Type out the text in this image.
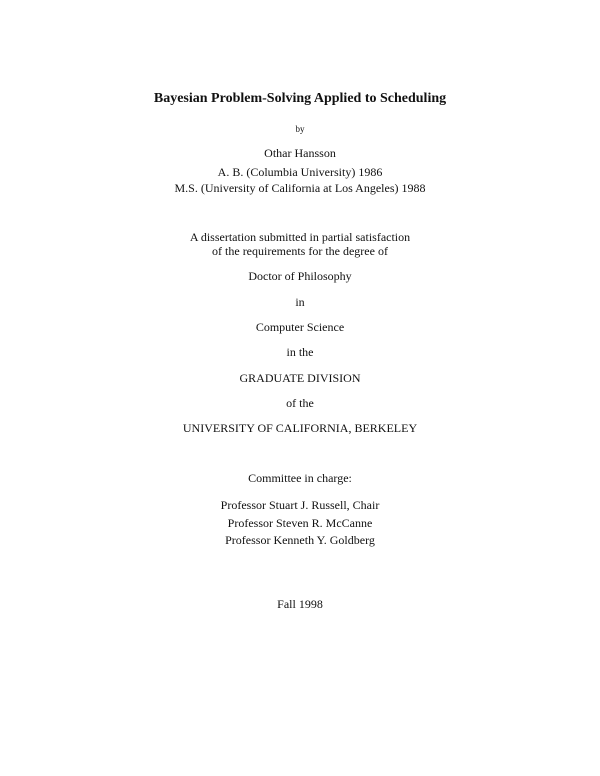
Bayesian Problem-Solving Applied to Scheduling
by
Othar Hansson
A. B. (Columbia University) 1986
M.S. (University of California at Los Angeles) 1988
A dissertation submitted in partial satisfaction
of the requirements for the degree of
Doctor of Philosophy
in
Computer Science
in the
GRADUATE DIVISION
of the
UNIVERSITY OF CALIFORNIA, BERKELEY
Committee in charge:
Professor Stuart J. Russell, Chair
Professor Steven R. McCanne
Professor Kenneth Y. Goldberg
Fall 1998
